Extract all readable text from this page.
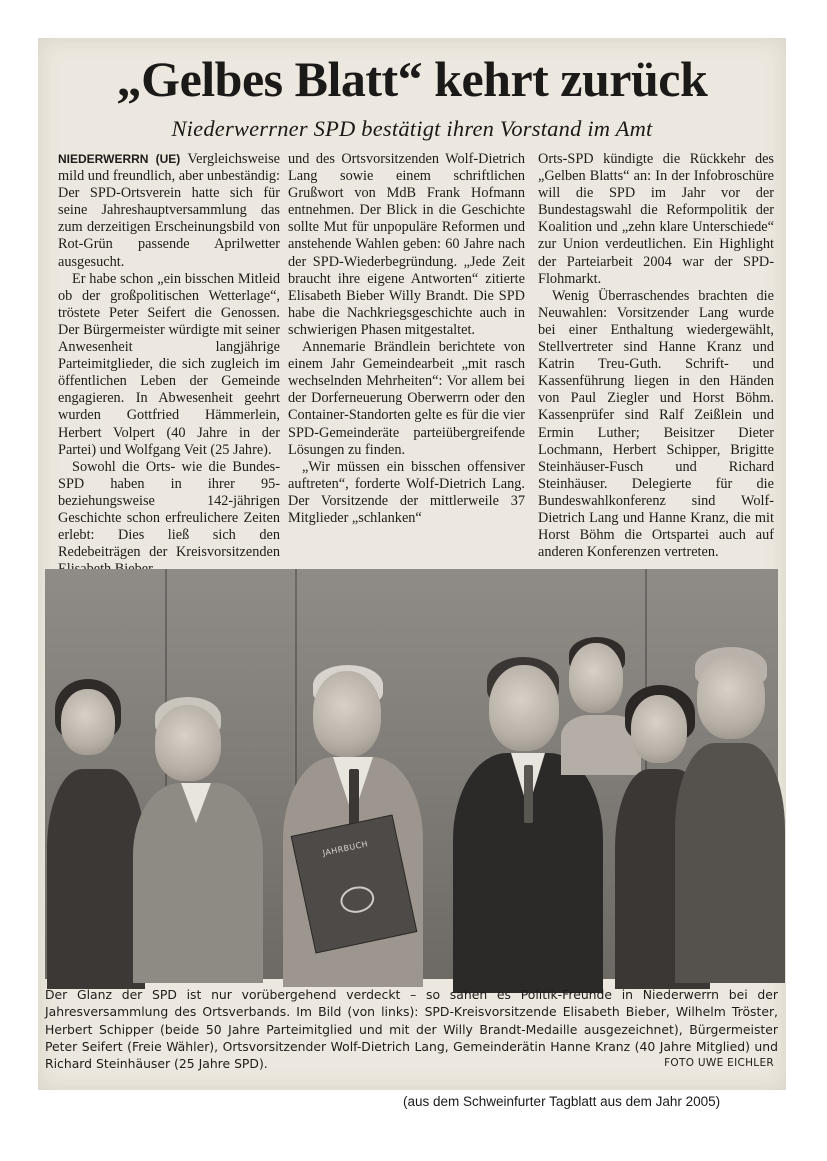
„Gelbes Blatt“ kehrt zurück
Niederwerrner SPD bestätigt ihren Vorstand im Amt

NIEDERWERRN (UE) Vergleichsweise mild und freundlich, aber unbeständig: Der SPD-Ortsverein hatte sich für seine Jahreshauptversammlung das zum derzeitigen Erscheinungsbild von Rot-Grün passende Aprilwetter ausgesucht.

Er habe schon „ein bisschen Mitleid ob der großpolitischen Wetterlage“, tröstete Peter Seifert die Genossen. Der Bürgermeister würdigte mit seiner Anwesenheit langjährige Parteimitglieder, die sich zugleich im öffentlichen Leben der Gemeinde engagieren. In Abwesenheit geehrt wurden Gottfried Hämmerlein, Herbert Volpert (40 Jahre in der Partei) und Wolfgang Veit (25 Jahre).

Sowohl die Orts- wie die Bundes-SPD haben in ihrer 95- beziehungsweise 142-jährigen Geschichte schon erfreulichere Zeiten erlebt: Dies ließ sich den Redebeiträgen der Kreisvorsitzenden

und des Ortsvorsitzenden Wolf-Dietrich Lang sowie einem schriftlichen Grußwort von MdB Frank Hofmann entnehmen. Der Blick in die Geschichte sollte Mut für unpopuläre Reformen und anstehende Wahlen geben: 60 Jahre nach der SPD-Wiederbegründung. „Jede Zeit braucht ihre eigene Antworten“ zitierte Elisabeth Bieber Willy Brandt. Die SPD habe die Nachkriegsgeschichte auch in schwierigen Phasen mitgestaltet.

Annemarie Brändlein berichtete von einem Jahr Gemeindearbeit „mit rasch wechselnden Mehrheiten“: Vor allem bei der Dorferneuerung Oberwerrn oder den Container-Standorten gelte es für die vier SPD-Gemeinderäte parteiübergreifende Lösungen zu finden.

„Wir müssen ein bisschen offensiver auftreten“, forderte Wolf-Dietrich Lang. Der Vorsitzende der mittlerweile 37 Mitglieder „schlanken“

Orts-SPD kündigte die Rückkehr des „Gelben Blatts“ an: In der Infobroschüre will die SPD im Jahr vor der Bundestagswahl die Reformpolitik der Koalition und „zehn klare Unterschiede“ zur Union verdeutlichen. Ein Highlight der Parteiarbeit 2004 war der SPD-Flohmarkt.

Wenig Überraschendes brachten die Neuwahlen: Vorsitzender Lang wurde bei einer Enthaltung wiedergewählt, Stellvertreter sind Hanne Kranz und Katrin Treu-Guth. Schrift- und Kassenführung liegen in den Händen von Paul Ziegler und Horst Böhm. Kassenprüfer sind Ralf Zeißlein und Ermin Luther; Beisitzer Dieter Lochmann, Herbert Schipper, Brigitte Steinhäuser-Fusch und Richard Steinhäuser. Delegierte für die Bundeswahlkonferenz sind Wolf-Dietrich Lang und Hanne Kranz, die mit Horst Böhm die Ortspartei auch auf anderen Konferenzen vertreten.

JAHRBUCH
Der Glanz der SPD ist nur vorübergehend verdeckt – so sahen es Politik-Freunde in Niederwerrn bei der Jahresversammlung des Ortsverbands. Im Bild (von links): SPD-Kreisvorsitzende Elisabeth Bieber, Wilhelm Tröster, Herbert Schipper (beide 50 Jahre Parteimitglied und mit der Willy Brandt-Medaille ausgezeichnet), Bürgermeister Peter Seifert (Freie Wähler), Ortsvorsitzender Wolf-Dietrich Lang, Gemeinderätin Hanne Kranz (40 Jahre Mitglied) und Richard Steinhäuser (25 Jahre SPD).	FOTO UWE EICHLER
(aus dem Schweinfurter Tagblatt aus dem Jahr 2005)
